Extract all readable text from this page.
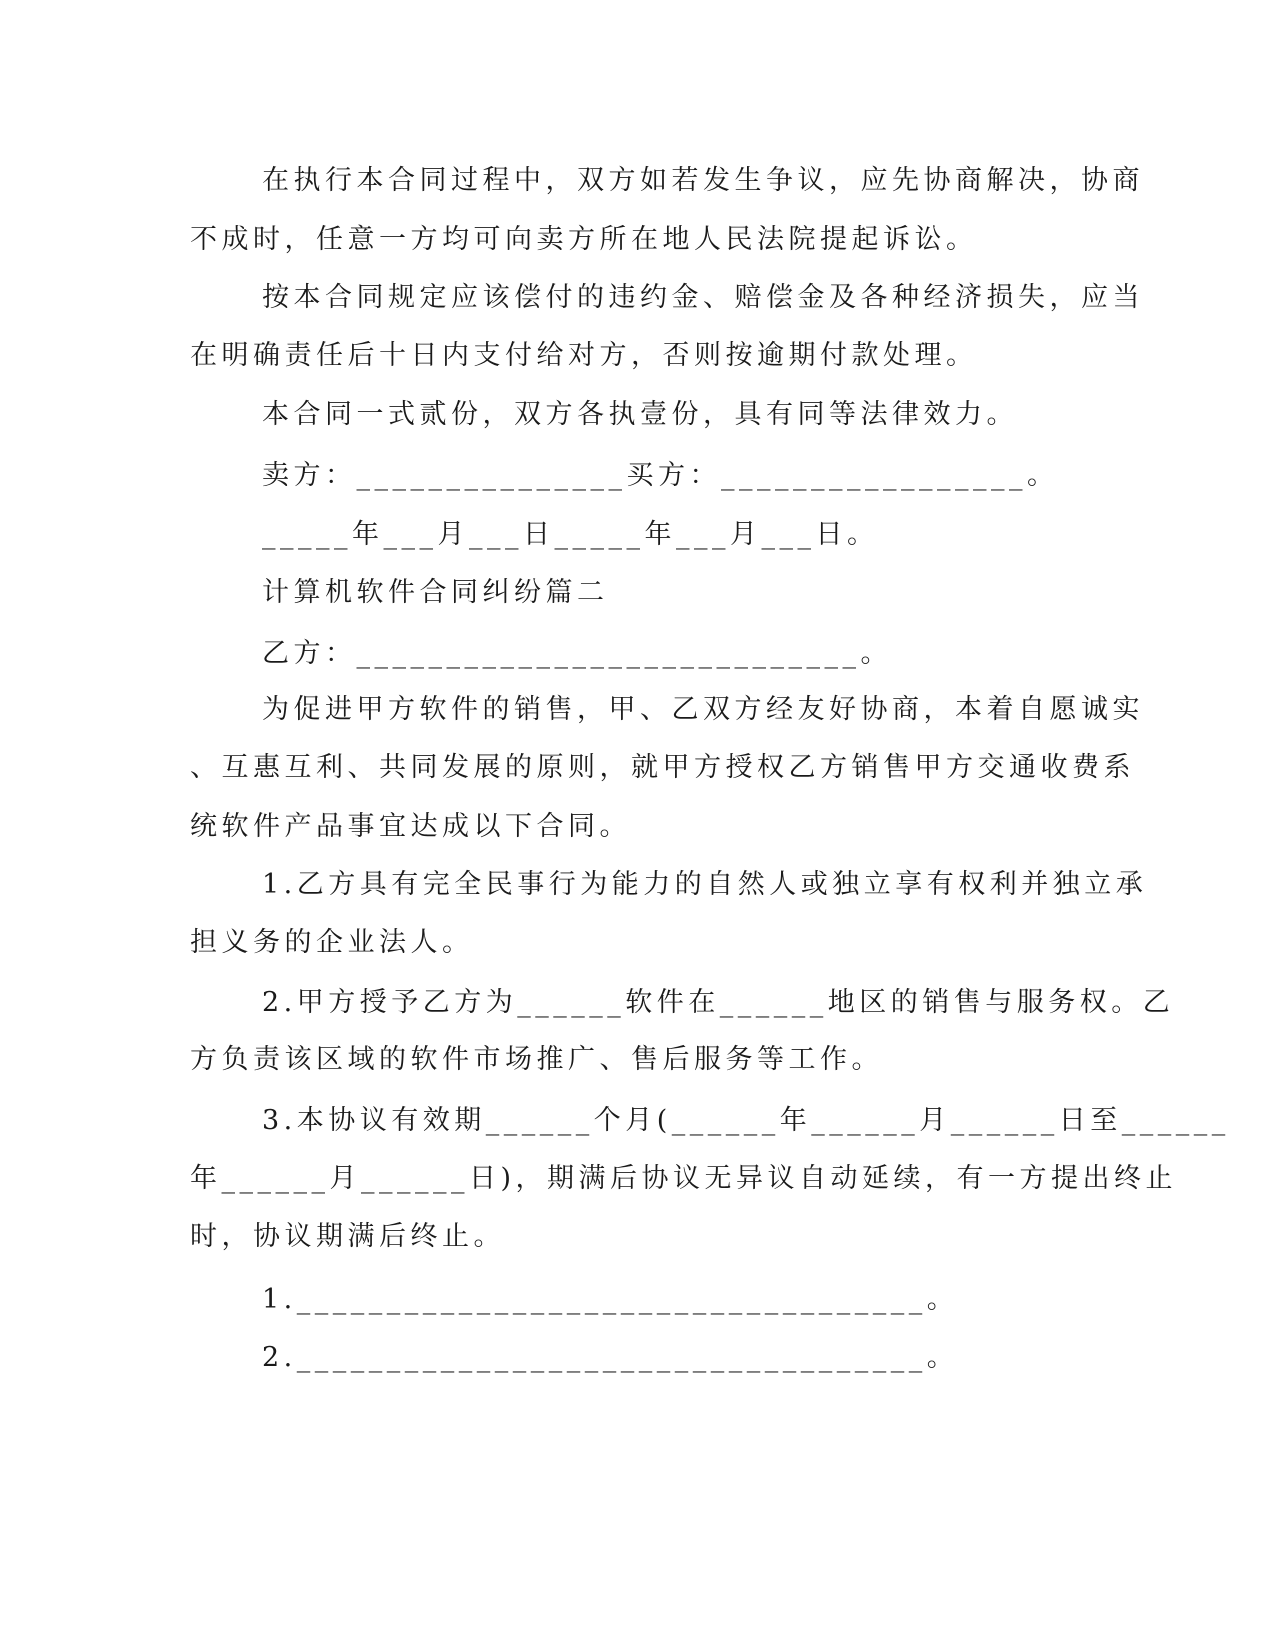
在执行本合同过程中，双方如若发生争议，应先协商解决，协商
不成时，任意一方均可向卖方所在地人民法院提起诉讼。
按本合同规定应该偿付的违约金、赔偿金及各种经济损失，应当
在明确责任后十日内支付给对方，否则按逾期付款处理。
本合同一式贰份，双方各执壹份，具有同等法律效力。
卖方：_______________买方：_________________。
_____年___月___日_____年___月___日。
计算机软件合同纠纷篇二
乙方：____________________________。
为促进甲方软件的销售，甲、乙双方经友好协商，本着自愿诚实
、互惠互利、共同发展的原则，就甲方授权乙方销售甲方交通收费系
统软件产品事宜达成以下合同。
1.乙方具有完全民事行为能力的自然人或独立享有权利并独立承
担义务的企业法人。
2.甲方授予乙方为______软件在______地区的销售与服务权。乙
方负责该区域的软件市场推广、售后服务等工作。
3.本协议有效期______个月(______年______月______日至______
年______月______日)，期满后协议无异议自动延续，有一方提出终止
时，协议期满后终止。
1.___________________________________。
2.___________________________________。
